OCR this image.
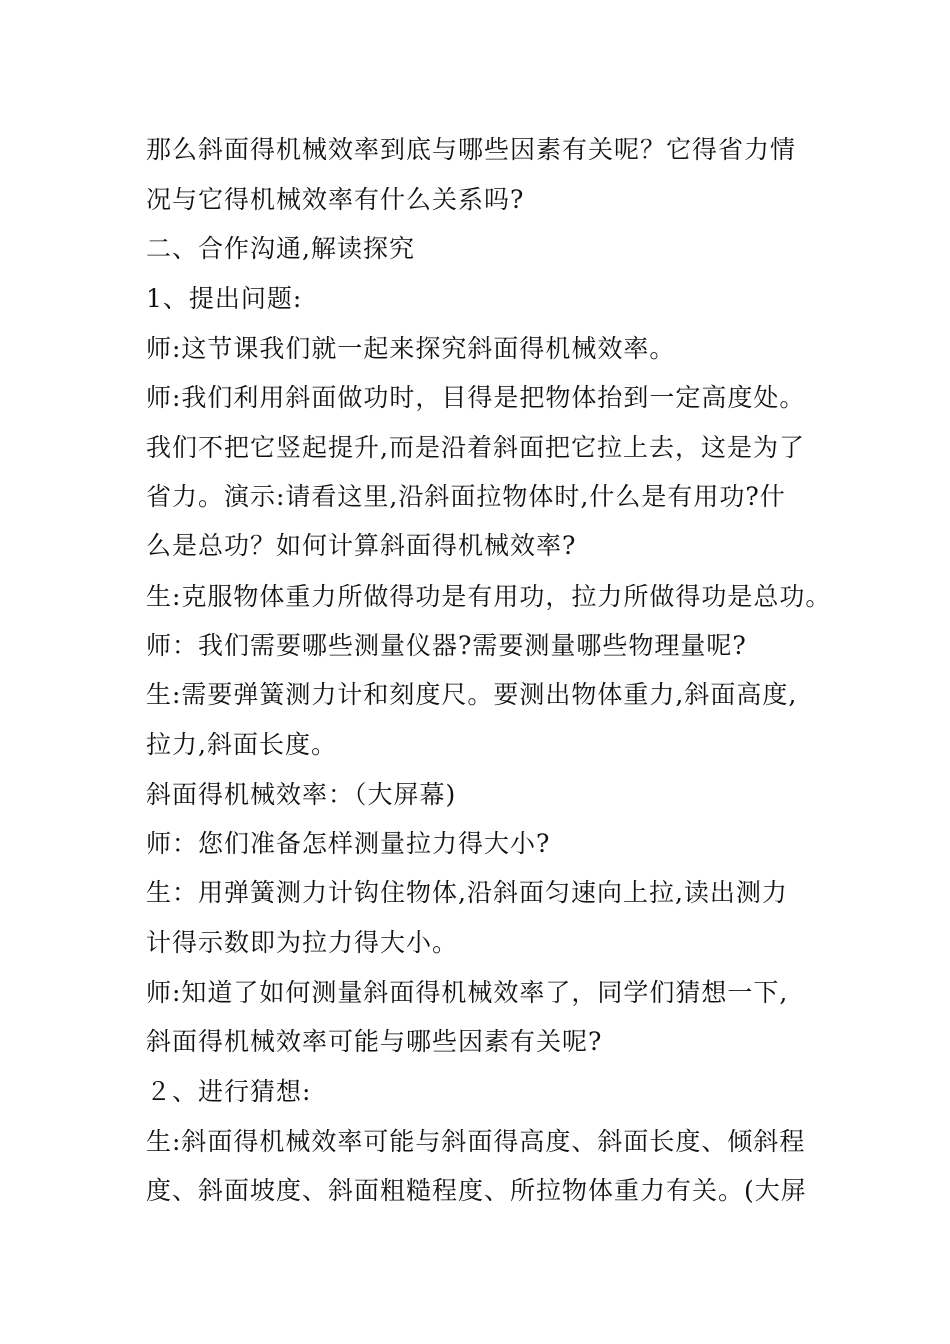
那么斜面得机械效率到底与哪些因素有关呢？它得省力情
况与它得机械效率有什么关系吗?
二、合作沟通,解读探究
1、提出问题:
师:这节课我们就一起来探究斜面得机械效率。
师:我们利用斜面做功时，目得是把物体抬到一定高度处。
我们不把它竖起提升,而是沿着斜面把它拉上去，这是为了
省力。演示:请看这里,沿斜面拉物体时,什么是有用功?什
么是总功？如何计算斜面得机械效率?
生:克服物体重力所做得功是有用功，拉力所做得功是总功。
师：我们需要哪些测量仪器?需要测量哪些物理量呢?
生:需要弹簧测力计和刻度尺。要测出物体重力,斜面高度,
拉力,斜面长度。
斜面得机械效率：（大屏幕)
师：您们准备怎样测量拉力得大小?
生：用弹簧测力计钩住物体,沿斜面匀速向上拉,读出测力
计得示数即为拉力得大小。
师:知道了如何测量斜面得机械效率了，同学们猜想一下,
斜面得机械效率可能与哪些因素有关呢?
２、进行猜想:
生:斜面得机械效率可能与斜面得高度、斜面长度、倾斜程
度、斜面坡度、斜面粗糙程度、所拉物体重力有关。(大屏
